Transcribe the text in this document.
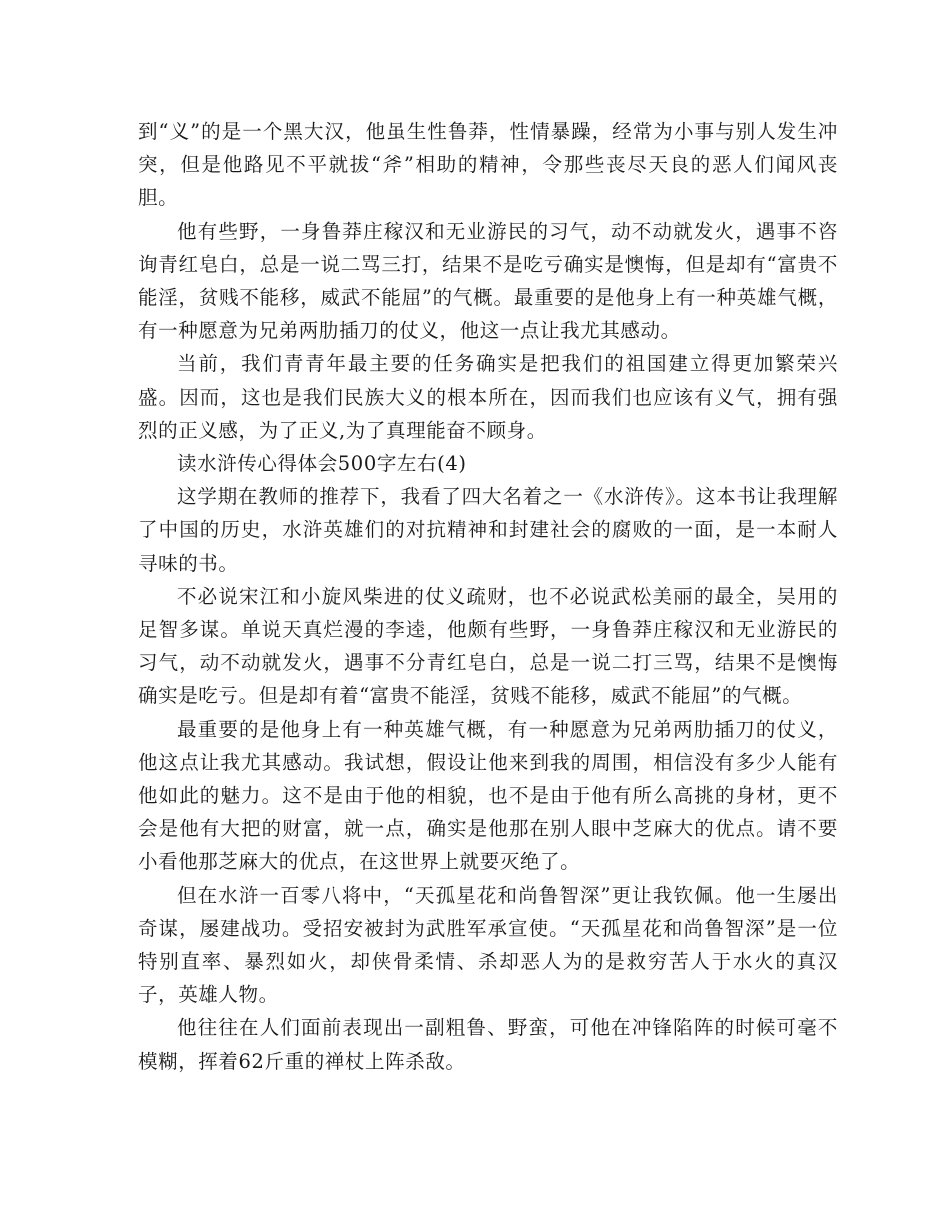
到“义”的是一个黑大汉，他虽生性鲁莽，性情暴躁，经常为小事与别人发生冲突，但是他路见不平就拔“斧”相助的精神，令那些丧尽天良的恶人们闻风丧胆。

他有些野，一身鲁莽庄稼汉和无业游民的习气，动不动就发火，遇事不咨询青红皂白，总是一说二骂三打，结果不是吃亏确实是懊悔，但是却有“富贵不能淫，贫贱不能移，威武不能屈”的气概。最重要的是他身上有一种英雄气概，有一种愿意为兄弟两肋插刀的仗义，他这一点让我尤其感动。

当前，我们青青年最主要的任务确实是把我们的祖国建立得更加繁荣兴盛。因而，这也是我们民族大义的根本所在，因而我们也应该有义气，拥有强烈的正义感，为了正义,为了真理能奋不顾身。

读水浒传心得体会500字左右(4)

这学期在教师的推荐下，我看了四大名着之一《水浒传》。这本书让我理解了中国的历史，水浒英雄们的对抗精神和封建社会的腐败的一面，是一本耐人寻味的书。

不必说宋江和小旋风柴进的仗义疏财，也不必说武松美丽的最全，吴用的足智多谋。单说天真烂漫的李逵，他颇有些野，一身鲁莽庄稼汉和无业游民的习气，动不动就发火，遇事不分青红皂白，总是一说二打三骂，结果不是懊悔确实是吃亏。但是却有着“富贵不能淫，贫贱不能移，威武不能屈”的气概。

最重要的是他身上有一种英雄气概，有一种愿意为兄弟两肋插刀的仗义，他这点让我尤其感动。我试想，假设让他来到我的周围，相信没有多少人能有他如此的魅力。这不是由于他的相貌，也不是由于他有所么高挑的身材，更不会是他有大把的财富，就一点，确实是他那在别人眼中芝麻大的优点。请不要小看他那芝麻大的优点，在这世界上就要灭绝了。

但在水浒一百零八将中，“天孤星花和尚鲁智深”更让我钦佩。他一生屡出奇谋，屡建战功。受招安被封为武胜军承宣使。“天孤星花和尚鲁智深”是一位特别直率、暴烈如火，却侠骨柔情、杀却恶人为的是救穷苦人于水火的真汉子，英雄人物。

他往往在人们面前表现出一副粗鲁、野蛮，可他在冲锋陷阵的时候可毫不模糊，挥着62斤重的禅杖上阵杀敌。
